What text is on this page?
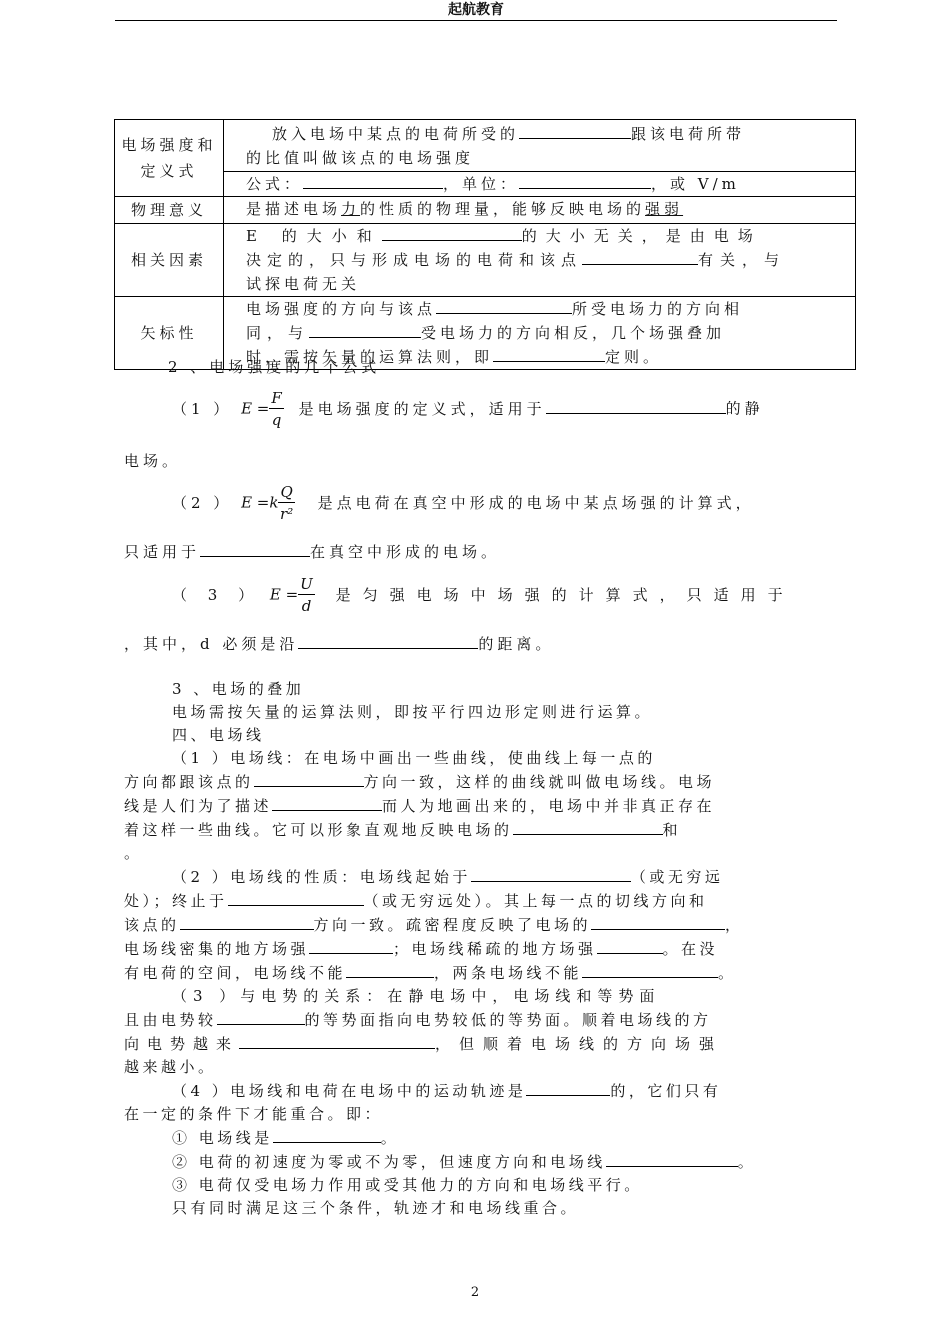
起航教育
电场强度和定义式	放入电场中某点的电荷所受的 跟该电荷所带
的比值叫做该点的电场强度
	公式： ，单位： ，或 V/m
物理意义	是描述电场力的性质的物理量，能够反映电场的强弱
相关因素	E 的大小和 的大小无关，是由电场
决定的，只与形成电场的电荷和该点 有关，与
试探电荷无关
矢标性	电场强度的方向与该点 所受电场力的方向相
同，与 受电场力的方向相反，几个场强叠加
时，需按矢量的运算法则，即 定则。
2 、电场强度的几个公式
（1 ） $E = \frac{F}{q}$ 是电场强度的定义式，适用于	的静
电场。
（2 ） $E =k \frac{Q}{\text{r²}}$ 是点电荷在真空中形成的电场中某点场强的计算式，
只适用于	在真空中形成的电场。
（ 3 ） $E = \frac{U}{d}$ 是匀强电场中场强的计算式，只适用于
，其中，d 必须是沿	的距离。

3 、电场的叠加

电场需按矢量的运算法则，即按平行四边形定则进行运算。

四、电场线

（1 ）电场线：在电场中画出一些曲线，使曲线上每一点的
方向都跟该点的	方向一致，这样的曲线就叫做电场线。电场
线是人们为了描述	而人为地画出来的，电场中并非真正存在
着这样一些曲线。它可以形象直观地反映电场的	和
。

（2 ）电场线的性质：电场线起始于	（或无穷远
处）；终止于	（或无穷远处）。其上每一点的切线方向和
该点的	方向一致。疏密程度反映了电场的	，
电场线密集的地方场强	；电场线稀疏的地方场强	。在没
有电荷的空间，电场线不能	，两条电场线不能	。

（3 ）与电势的关系：在静电场中，电场线和等势面
且由电势较	的等势面指向电势较低的等势面。顺着电场线的方
向电势越来	，但顺着电场线的方向场强
越来越小。

（4 ）电场线和电荷在电场中的运动轨迹是	的，它们只有
在一定的条件下才能重合。即：

① 电场线是	。

② 电荷的初速度为零或不为零，但速度方向和电场线	。

③ 电荷仅受电场力作用或受其他力的方向和电场线平行。

只有同时满足这三个条件，轨迹才和电场线重合。

2
